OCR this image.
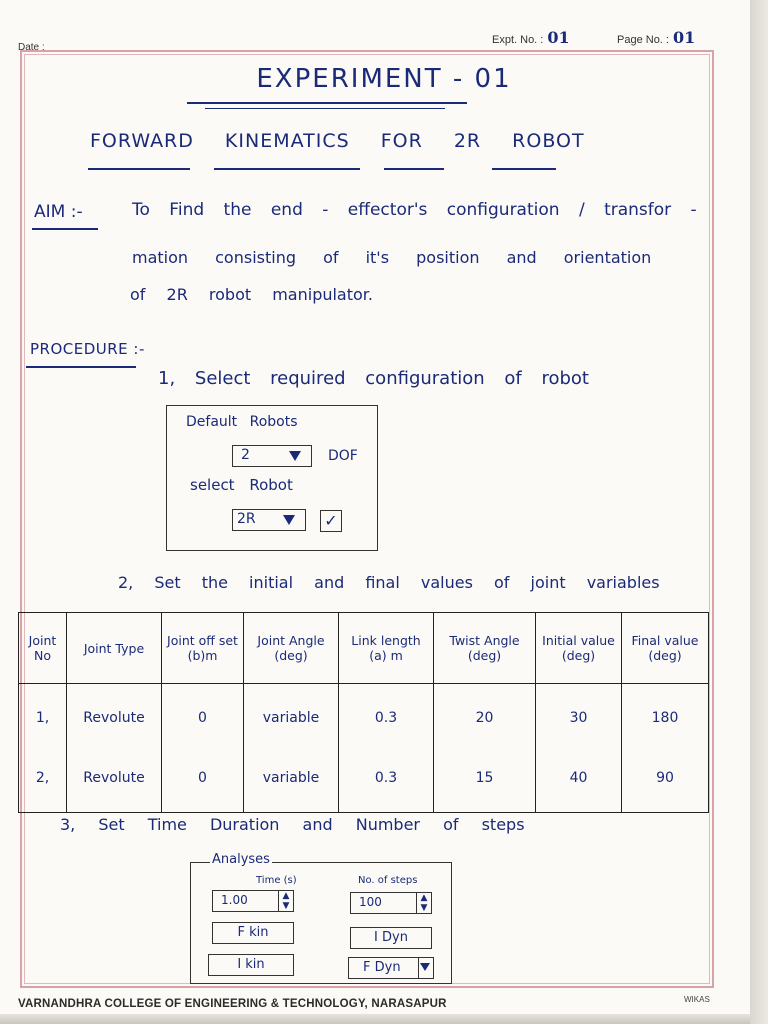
Date :
Expt. No. : 01	Page No. : 01
EXPERIMENT - 01
FORWARD KINEMATICS FOR 2R ROBOT
AIM :-	To Find the end - effector's configuration / transfor -
mation consisting of it's position and orientation
of 2R robot manipulator.
PROCEDURE :-
1, Select required configuration of robot
Default Robots
2	DOF
select Robot
2R	✓
2, Set the initial and final values of joint variables
Joint No	Joint Type	Joint off set (b)m	Joint Angle (deg)	Link length (a) m	Twist Angle (deg)	Initial value (deg)	Final value (deg)
1,	Revolute	0	variable	0.3	20	30	180
2,	Revolute	0	variable	0.3	15	40	90
3, Set Time Duration and Number of steps
Analyses
Time (s)	No. of steps
1.00	▲
▼	100	▲
▼
F kin	I Dyn
I kin	F Dyn
VARNANDHRA COLLEGE OF ENGINEERING & TECHNOLOGY, NARASAPUR	WIKAS
